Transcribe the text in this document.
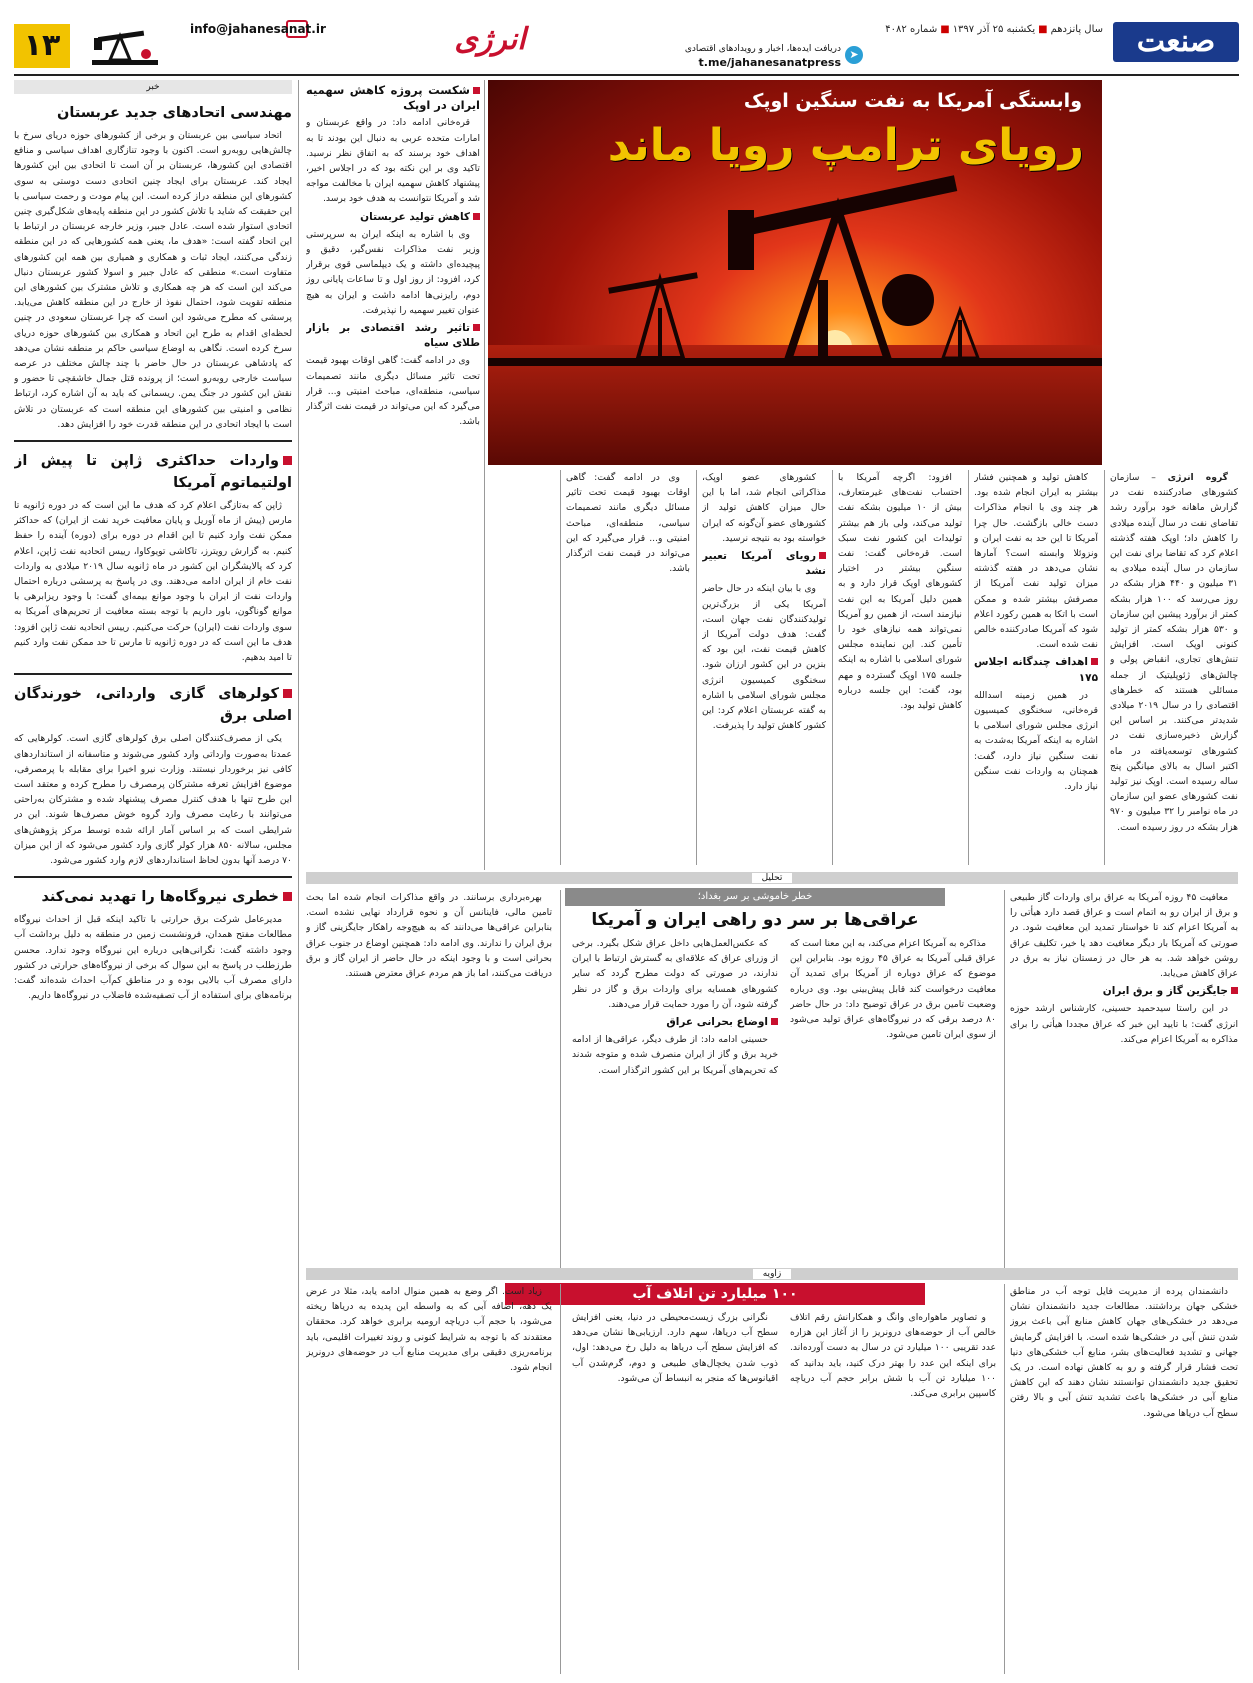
صنعت
سال پانزدهم■یکشنبه ۲۵ آذر ۱۳۹۷■شماره ۴۰۸۲
➤
دریافت ایده‌ها، اخبار و رویدادهای اقتصادی
t.me/jahanesanatpress
انرژی
info@jahanesanat.ir
۱۳
خبر
مهندسی اتحادهای جدید عربستان

اتحاد سیاسی بین عربستان و برخی از کشورهای حوزه دریای سرخ با چالش‌هایی روبه‌رو است. اکنون با وجود تنازگاری اهداف سیاسی و منافع اقتصادی این کشورها، عربستان بر آن است تا اتحادی بین این کشورها ایجاد کند. عربستان برای ایجاد چنین اتحادی دست دوستی به سوی کشورهای این منطقه دراز کرده است. این پیام مودت و رحمت سیاسی با این حقیقت که شاید با تلاش کشور در این منطقه پایه‌های شکل‌گیری چنین اتحادی استوار شده است. عادل جبیر، وزیر خارجه عربستان در ارتباط با این اتحاد گفته است: «هدف ما، یعنی همه کشورهایی که در این منطقه زندگی می‌کنند، ایجاد ثبات و همکاری و همیاری بین همه این کشورهای متفاوت است.» منطقی که عادل جبیر و اسولا کشور عربستان دنبال می‌کند این است که هر چه همکاری و تلاش مشترک بین کشورهای این منطقه تقویت شود، احتمال نفوذ از خارج در این منطقه کاهش می‌یابد. پرسشی که مطرح می‌شود این است که چرا عربستان سعودی در چنین لحظه‌ای اقدام به طرح این اتحاد و همکاری بین کشورهای حوزه دریای سرخ کرده است. نگاهی به اوضاع سیاسی حاکم بر منطقه نشان می‌دهد که پادشاهی عربستان در حال حاضر با چند چالش مختلف در عرصه سیاست خارجی روبه‌رو است؛ از پرونده قتل جمال خاشقچی تا حضور و نقش این کشور در جنگ یمن. ریسمانی که باید به آن اشاره کرد، ارتباط نظامی و امنیتی بین کشورهای این منطقه است که عربستان در تلاش است با ایجاد اتحادی در این منطقه قدرت خود را افزایش دهد.

واردات حداکثری ژاپن تا پیش از اولتیماتوم آمریکا

ژاپن که به‌تازگی اعلام کرد که هدف ما این است که در دوره ژانویه تا مارس (پیش از ماه آوریل و پایان معافیت خرید نفت از ایران) که حداکثر ممکن نفت وارد کنیم تا این اقدام در دوره برای (دوره) آینده را حفظ کنیم. به گزارش رویترز، تاکاشی تویوکاوا، رییس اتحادیه نفت ژاپن، اعلام کرد که پالایشگران این کشور در ماه ژانویه سال ۲۰۱۹ میلادی به واردات نفت خام از ایران ادامه می‌دهند. وی در پاسخ به پرسشی درباره احتمال واردات نفت از ایران با وجود موانع بیمه‌ای گفت: با وجود ریزابرهی با موانع گوناگون، باور داریم با توجه بسته معافیت از تحریم‌های آمریکا به سوی واردات نفت (ایران) حرکت می‌کنیم. رییس اتحادیه نفت ژاپن افزود: هدف ما این است که در دوره ژانویه تا مارس تا حد ممکن نفت وارد کنیم تا امید بدهیم.

کولرهای گازی وارداتی، خورندگان اصلی برق

یکی از مصرف‌کنندگان اصلی برق کولرهای گازی است. کولرهایی که عمدتا به‌صورت وارداتی وارد کشور می‌شوند و متاسفانه از استانداردهای کافی نیز برخوردار نیستند. وزارت نیرو اخیرا برای مقابله با پرمصرفی، موضوع افزایش تعرفه مشترکان پرمصرف را مطرح کرده و معتقد است این طرح تنها با هدف کنترل مصرف پیشنهاد شده و مشترکان به‌راحتی می‌توانند با رعایت مصرف وارد گروه خوش مصرف‌ها شوند. این در شرایطی است که بر اساس آمار ارائه شده توسط مرکز پژوهش‌های مجلس، سالانه ۸۵۰ هزار کولر گازی وارد کشور می‌شود که از این میزان ۷۰ درصد آنها بدون لحاظ استانداردهای لازم وارد کشور می‌شود.

خطری نیروگاه‌ها را تهدید نمی‌کند

مدیرعامل شرکت برق حرارتی با تاکید اینکه قبل از احداث نیروگاه مطالعات مفتح همدان، فرونشست زمین در منطقه به دلیل برداشت آب وجود داشته گفت: نگرانی‌هایی درباره این نیروگاه وجود ندارد. محسن طرزطلب در پاسخ به این سوال که برخی از نیروگاه‌های حرارتی در کشور دارای مصرف آب بالایی بوده و در مناطق کم‌آب احداث شده‌اند گفت: برنامه‌های برای استفاده از آب تصفیه‌شده فاضلاب در نیروگاه‌ها داریم.

وابستگی آمریکا به نفت سنگین اوپک
رویای ترامپ رویا ماند

گروه انرژی – سازمان کشورهای صادرکننده نفت در گزارش ماهانه خود برآورد رشد تقاضای نفت در سال آینده میلادی را کاهش داد؛ اوپک هفته گذشته اعلام کرد که تقاضا برای نفت این سازمان در سال آینده میلادی به ۳۱ میلیون و ۴۴۰ هزار بشکه در روز می‌رسد که ۱۰۰ هزار بشکه کمتر از برآورد پیشین این سازمان و ۵۳۰ هزار بشکه کمتر از تولید کنونی اوپک است. افزایش تنش‌های تجاری، انقباض پولی و چالش‌های ژئوپلیتیک از جمله مسائلی هستند که خطرهای اقتصادی را در سال ۲۰۱۹ میلادی شدیدتر می‌کنند. بر اساس این گزارش ذخیره‌سازی نفت در کشورهای توسعه‌یافته در ماه اکتبر اسال به بالای میانگین پنج ساله رسیده است. اوپک نیز تولید نفت کشورهای عضو این سازمان در ماه نوامبر را ۳۲ میلیون و ۹۷۰ هزار بشکه در روز رسیده است.

کاهش تولید و همچنین فشار بیشتر به ایران انجام شده بود. هر چند وی با انجام مذاکرات دست خالی بازگشت. حال چرا آمریکا تا این حد به نفت ایران و ونزوئلا وابسته است؟ آمارها نشان می‌دهد در هفته گذشته میزان تولید نفت آمریکا از مصرفش بیشتر شده و ممکن است با اتکا به همین رکورد اعلام شود که آمریکا صادرکننده خالص نفت شده است.

اهداف چندگانه اجلاس ۱۷۵

در همین زمینه اسدالله قره‌خانی، سخنگوی کمیسیون انرژی مجلس شورای اسلامی با اشاره به اینکه آمریکا به‌شدت به نفت سنگین نیاز دارد، گفت: همچنان به واردات نفت سنگین نیاز دارد.

افزود: اگرچه آمریکا با احتساب نفت‌های غیرمتعارف، بیش از ۱۰ میلیون بشکه نفت تولید می‌کند، ولی باز هم بیشتر تولیدات این کشور نفت سبک است. قره‌خانی گفت: نفت سنگین بیشتر در اختیار کشورهای اوپک قرار دارد و به همین دلیل آمریکا به این نفت نیازمند است، از همین رو آمریکا نمی‌تواند همه نیازهای خود را تأمین کند. این نماینده مجلس شورای اسلامی با اشاره به اینکه جلسه ۱۷۵ اوپک گسترده و مهم بود، گفت: این جلسه درباره کاهش تولید بود.

کشورهای عضو اوپک، مذاکراتی انجام شد، اما با این حال میزان کاهش تولید از کشورهای عضو آن‌گونه که ایران خواسته بود به نتیجه نرسید.

رویای آمریکا تعبیر نشد

وی با بیان اینکه در حال حاضر آمریکا یکی از بزرگ‌ترین تولیدکنندگان نفت جهان است، گفت: هدف دولت آمریکا از کاهش قیمت نفت، این بود که بنزین در این کشور ارزان شود. سخنگوی کمیسیون انرژی مجلس شورای اسلامی با اشاره به گفته عربستان اعلام کرد: این کشور کاهش تولید را پذیرفت.

وی در ادامه گفت: گاهی اوقات بهبود قیمت تحت تاثیر مسائل دیگری مانند تصمیمات سیاسی، منطقه‌ای، مباحث امنیتی و... قرار می‌گیرد که این می‌تواند در قیمت نفت اثرگذار باشد.

شکست پروژه کاهش سهمیه ایران در اوپک

قره‌خانی ادامه داد: در واقع عربستان و امارات متحده عربی به دنبال این بودند تا به اهداف خود برسند که به اتفاق نظر نرسید. تاکید وی بر این نکته بود که در اجلاس اخیر، پیشنهاد کاهش سهمیه ایران با مخالفت مواجه شد و آمریکا نتوانست به هدف خود برسد.

کاهش تولید عربستان

وی با اشاره به اینکه ایران به سرپرستی وزیر نفت مذاکرات نفس‌گیر، دقیق و پیچیده‌ای داشته و یک دیپلماسی قوی برقرار کرد، افزود: از روز اول و تا ساعات پایانی روز دوم، رایزنی‌ها ادامه داشت و ایران به هیچ عنوان تغییر سهمیه را نپذیرفت.

تاثیر رشد اقتصادی بر بازار طلای سیاه

وی در ادامه گفت: گاهی اوقات بهبود قیمت تحت تاثیر مسائل دیگری مانند تصمیمات سیاسی، منطقه‌ای، مباحث امنیتی و... قرار می‌گیرد که این می‌تواند در قیمت نفت اثرگذار باشد.

تحلیل
خطر خاموشی بر سر بغداد؛
عراقی‌ها بر سر دو راهی ایران و آمریکا

معافیت ۴۵ روزه آمریکا به عراق برای واردات گاز طبیعی و برق از ایران رو به اتمام است و عراق قصد دارد هیأتی را به آمریکا اعزام کند تا خواستار تمدید این معافیت شود. در صورتی که آمریکا بار دیگر معافیت دهد یا خیر، تکلیف عراق روشن خواهد شد. به هر حال در زمستان نیاز به برق در عراق کاهش می‌یابد.

جایگزین گاز و برق ایران

در این راستا سیدحمید حسینی، کارشناس ارشد حوزه انرژی گفت: با تایید این خبر که عراق مجددا هیأتی را برای مذاکره به آمریکا اعزام می‌کند.

مذاکره به آمریکا اعزام می‌کند، به این معنا است که عراق قبلی آمریکا به عراق ۴۵ روزه بود. بنابراین این موضوع که عراق دوباره از آمریکا برای تمدید آن معافیت درخواست کند قابل پیش‌بینی بود. وی درباره وضعیت تامین برق در عراق توضیح داد: در حال حاضر ۸۰ درصد برقی که در نیروگاه‌های عراق تولید می‌شود از سوی ایران تامین می‌شود.

که عکس‌العمل‌هایی داخل عراق شکل بگیرد. برخی از وزرای عراق که علاقه‌ای به گسترش ارتباط با ایران ندارند، در صورتی که دولت مطرح گردد که سایر کشورهای همسایه برای واردات برق و گاز در نظر گرفته شود، آن را مورد حمایت قرار می‌دهند.

اوضاع بحرانی عراق

حسینی ادامه داد: از طرف دیگر، عراقی‌ها از ادامه خرید برق و گاز از ایران منصرف شده و متوجه شدند که تحریم‌های آمریکا بر این کشور اثرگذار است.

بهره‌برداری برسانند. در واقع مذاکرات انجام شده اما بحث تامین مالی، فاینانس آن و نحوه قرارداد نهایی نشده است. بنابراین عراقی‌ها می‌دانند که به هیچ‌وجه راهکار جایگزینی گاز و برق ایران را ندارند. وی ادامه داد: همچنین اوضاع در جنوب عراق بحرانی است و با وجود اینکه در حال حاضر از ایران گاز و برق دریافت می‌کنند، اما باز هم مردم عراق معترض هستند.

زاویه
۱۰۰ میلیارد تن اتلاف آب	دانشمندان پرده از مدیریت فایل توجه آب در مناطق خشکی جهان برداشتند. مطالعات جدید دانشمندان نشان می‌دهد در خشکی‌های جهان کاهش منابع آبی باعث بروز شدن تنش آبی در خشکی‌ها شده است. با افزایش گرمایش جهانی و تشدید فعالیت‌های بشر، منابع آب خشکی‌های دنیا تحت فشار قرار گرفته و رو به کاهش نهاده است. در یک تحقیق جدید دانشمندان توانستند نشان دهند که این کاهش منابع آبی در خشکی‌ها باعث تشدید تنش آبی و بالا رفتن سطح آب دریاها می‌شود.

و تصاویر ماهواره‌ای وانگ و همکارانش رقم اتلاف خالص آب از حوضه‌های درونریز را از آغاز این هزاره عدد تقریبی ۱۰۰ میلیارد تن در سال به دست آورده‌اند. برای اینکه این عدد را بهتر درک کنید، باید بدانید که ۱۰۰ میلیارد تن آب با شش برابر حجم آب دریاچه کاسپین برابری می‌کند.

نگرانی بزرگ زیست‌محیطی در دنیا، یعنی افزایش سطح آب دریاها، سهم دارد. ارزیابی‌ها نشان می‌دهد که افزایش سطح آب دریاها به دلیل رخ می‌دهد: اول، ذوب شدن یخچال‌های طبیعی و دوم، گرم‌شدن آب اقیانوس‌ها که منجر به انبساط آن می‌شود.

زیاد است. اگر وضع به همین منوال ادامه یابد، مثلا در عرض یک دهه، اضافه آبی که به واسطه این پدیده به دریاها ریخته می‌شود، با حجم آب دریاچه ارومیه برابری خواهد کرد. محققان معتقدند که با توجه به شرایط کنونی و روند تغییرات اقلیمی، باید برنامه‌ریزی دقیقی برای مدیریت منابع آب در حوضه‌های درونریز انجام شود.
